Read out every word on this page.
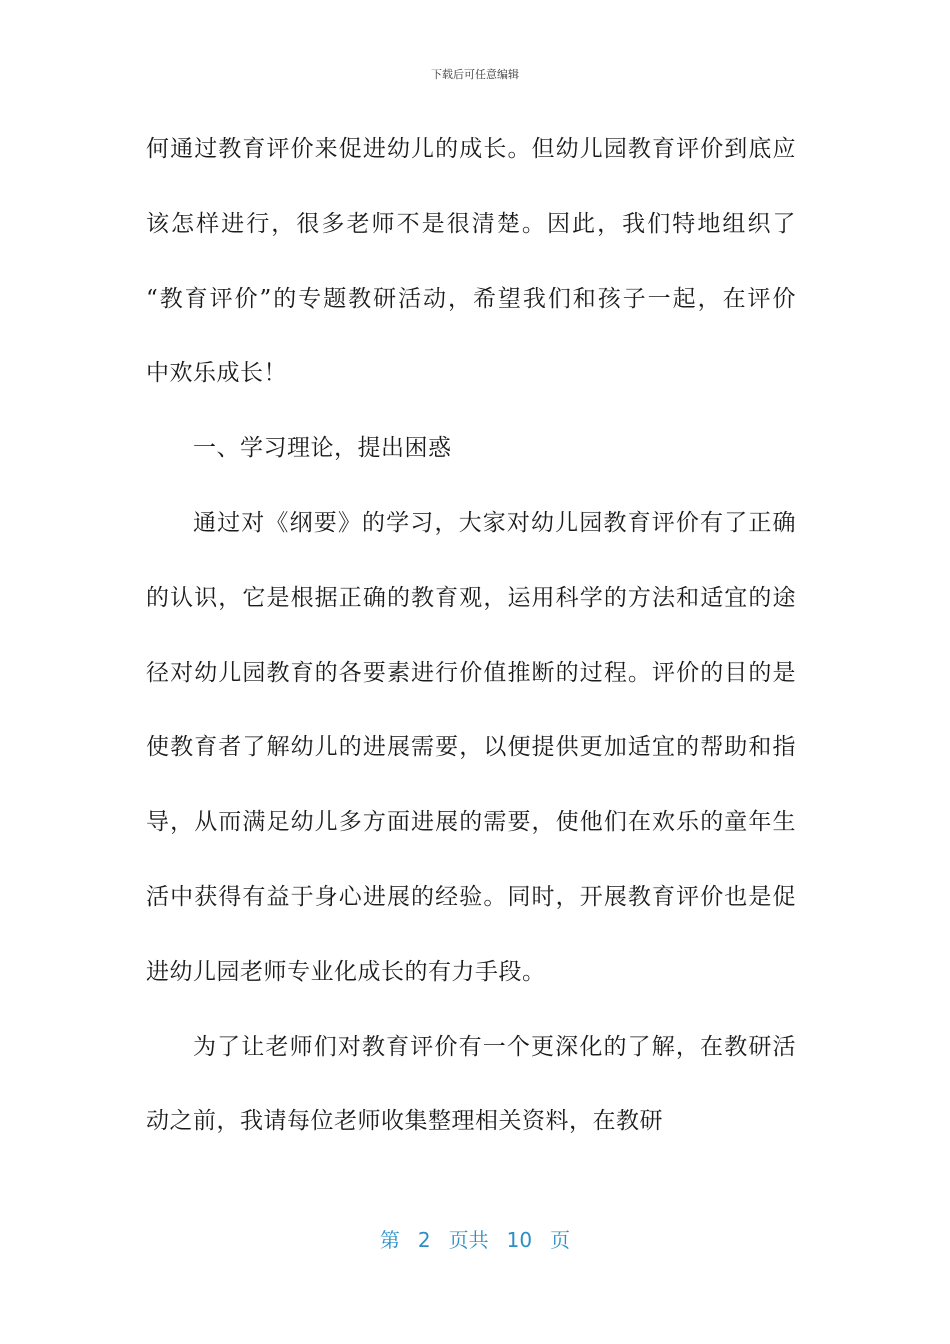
下载后可任意编辑
何通过教育评价来促进幼儿的成长。但幼儿园教育评价到底应
该怎样进行，很多老师不是很清楚。因此，我们特地组织了
“教育评价”的专题教研活动，希望我们和孩子一起，在评价
中欢乐成长！
一、学习理论，提出困惑
通过对《纲要》的学习，大家对幼儿园教育评价有了正确
的认识，它是根据正确的教育观，运用科学的方法和适宜的途
径对幼儿园教育的各要素进行价值推断的过程。评价的目的是
使教育者了解幼儿的进展需要，以便提供更加适宜的帮助和指
导，从而满足幼儿多方面进展的需要，使他们在欢乐的童年生
活中获得有益于身心进展的经验。同时，开展教育评价也是促
进幼儿园老师专业化成长的有力手段。
为了让老师们对教育评价有一个更深化的了解，在教研活
动之前，我请每位老师收集整理相关资料，在教研
第 2 页共 10 页
